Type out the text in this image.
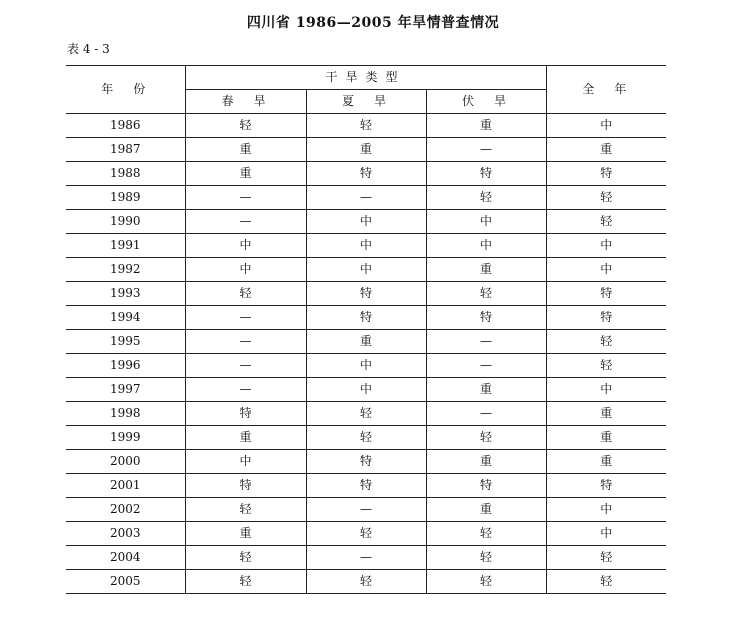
四川省 1986—2005 年旱情普查情况
表 4 - 3
年　份	干旱类型			全　年
	春　旱	夏　旱	伏　旱	
1986	轻	轻	重	中
1987	重	重	—	重
1988	重	特	特	特
1989	—	—	轻	轻
1990	—	中	中	轻
1991	中	中	中	中
1992	中	中	重	中
1993	轻	特	轻	特
1994	—	特	特	特
1995	—	重	—	轻
1996	—	中	—	轻
1997	—	中	重	中
1998	特	轻	—	重
1999	重	轻	轻	重
2000	中	特	重	重
2001	特	特	特	特
2002	轻	—	重	中
2003	重	轻	轻	中
2004	轻	—	轻	轻
2005	轻	轻	轻	轻
